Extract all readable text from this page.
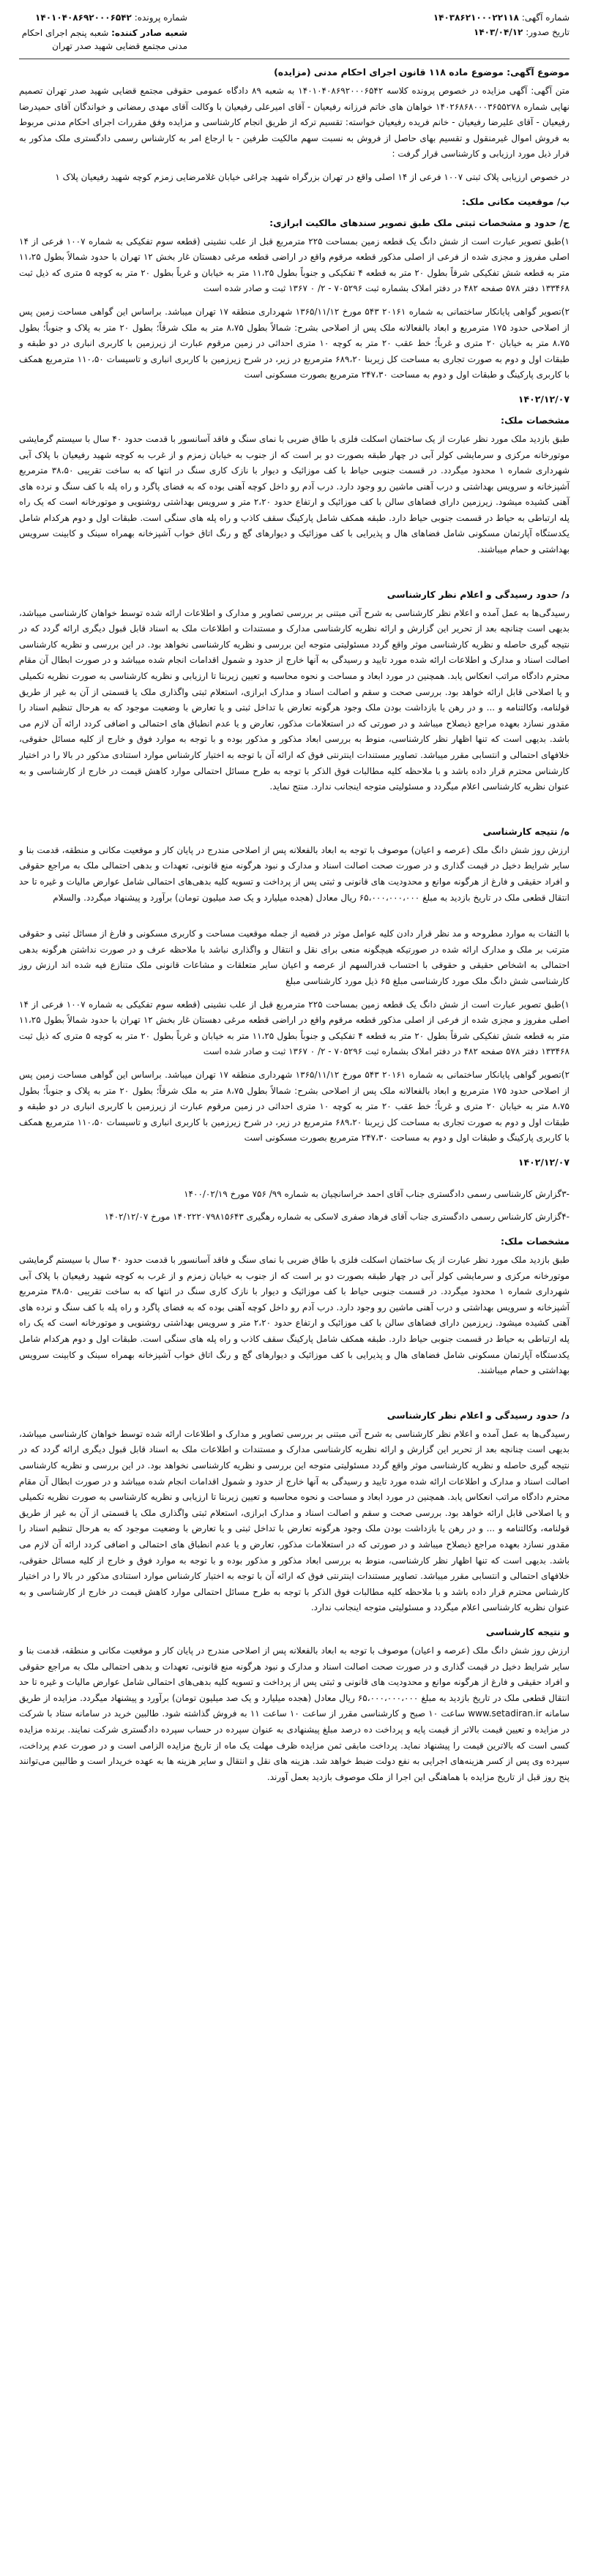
شماره آگهی: ۱۴۰۳۸۶۲۱۰۰۰۲۲۱۱۸
تاریخ صدور: ۱۴۰۳/۰۴/۱۲
شماره پرونده: ۱۴۰۱۰۴۰۸۶۹۲۰۰۰۶۵۴۲
شعبه صادر کننده: شعبه پنجم اجرای احکام مدنی مجتمع قضایی شهید صدر تهران
موضوع آگهی: موضوع ماده ۱۱۸ قانون اجرای احکام مدنی (مزایده)

متن آگهی: آگهی مزایده در خصوص پرونده کلاسه ۱۴۰۱۰۴۰۸۶۹۲۰۰۰۶۵۴۲ به شعبه ۸۹ دادگاه عمومی حقوقی مجتمع قضایی شهید صدر تهران تصمیم نهایی شماره ۱۴۰۲۶۸۶۸۰۰۰۳۶۵۵۲۷۸ خواهان های خاتم فرزانه رفیعیان - آقای امیرعلی رفیعیان با وکالت آقای مهدی رمضانی و خواندگان آقای حمیدرضا رفیعیان - آقای علیرضا رفیعیان - خانم فریده رفیعیان خواسته: تقسیم ترکه از طریق انجام کارشناسی و مزایده وفق مقررات اجرای احکام مدنی مربوط به فروش اموال غیرمنقول و تقسیم بهای حاصل از فروش به نسبت سهم مالکیت طرفین - با ارجاع امر به کارشناس رسمی دادگستری ملک مذکور به قرار ذیل مورد ارزیابی و کارشناسی قرار گرفت :

در خصوص ارزیابی پلاک ثبتی ۱۰۰۷ فرعی از ۱۴ اصلی واقع در تهران بزرگراه شهید چراغی خیابان غلامرضایی زمزم کوچه شهید رفیعیان پلاک ۱

ب/ موقعیت مکانی ملک:
ج/ حدود و مشخصات ثبتی ملک طبق تصویر سندهای مالکیت ابرازی:

۱)طبق تصویر عبارت است از شش دانگ یک قطعه زمین بمساحت ۲۲۵ مترمربع قبل از علب نشینی (قطعه سوم تفکیکی به شماره ۱۰۰۷ فرعی از ۱۴ اصلی مفروز و مجزی شده از فرعی از اصلی مذکور قطعه مرقوم واقع در اراضی قطعه مرغی دهستان غار بخش ۱۲ تهران با حدود شمالاً بطول ۱۱،۲۵ متر به قطعه شش تفکیکی شرقاً بطول ۲۰ متر به قطعه ۴ تفکیکی و جنوباً بطول ۱۱،۲۵ متر به خیابان و غرباً بطول ۲۰ متر به کوچه ۵ متری که ذیل ثبت ۱۳۳۴۶۸ دفتر ۵۷۸ صفحه ۴۸۲ در دفتر املاک بشماره ثبت ۷۰۵۲۹۶ - ۲/ ۰ ۱۳۶۷ ثبت و صادر شده است

۲)تصویر گواهی پایانکار ساختمانی به شماره ۲۰۱۶۱ ۵۴۳ مورخ ۱۳۶۵/۱۱/۱۲ شهرداری منطقه ۱۷ تهران میباشد. براساس این گواهی مساحت زمین پس از اصلاحی حدود ۱۷۵ مترمربع و ابعاد بالفعالانه ملک پس از اصلاحی بشرح: شمالاً بطول ۸،۷۵ متر به ملک شرقاً؛ بطول ۲۰ متر به پلاک و جنوباً؛ بطول ۸،۷۵ متر به خیابان ۲۰ متری و غرباً؛ خط عقب ۲۰ متر به کوچه ۱۰ متری احداثی در زمین مرقوم عبارت از زیرزمین با کاربری انباری در دو طبقه و طبقات اول و دوم به صورت تجاری به مساحت کل زیربنا ۶۸۹،۲۰ مترمربع در زیر، در شرح زیرزمین با کاربری انباری و تاسیسات ۱۱۰،۵۰ مترمربع همکف با کاربری پارکینگ و طبقات اول و دوم به مساحت ۲۴۷،۳۰ مترمربع بصورت مسکونی است

۱۴۰۲/۱۲/۰۷
مشخصات ملک:

طبق بازدید ملک مورد نظر عبارت از یک ساختمان اسکلت فلزی با طاق ضربی با نمای سنگ و فاقد آسانسور با قدمت حدود ۴۰ سال با سیستم گرمایشی موتورخانه مرکزی و سرمایشی کولر آبی در چهار طبقه بصورت دو بر است که از جنوب به خیابان زمزم و از غرب به کوچه شهید رفیعیان با پلاک آبی شهرداری شماره ۱ محدود میگردد. در قسمت جنوبی حیاط با کف موزائیک و دیوار با نازک کاری سنگ در انتها که به ساخت تقریبی ۳۸،۵۰ مترمربع آشپزخانه و سرویس بهداشتی و درب آهنی ماشین رو وجود دارد. درب آدم رو داخل کوچه آهنی بوده که به فضای پاگرد و راه پله با کف سنگ و نرده های آهنی کشیده میشود. زیرزمین دارای فضاهای سالن با کف موزائیک و ارتفاع حدود ۲،۲۰ متر و سرویس بهداشتی روشنویی و موتورخانه است که یک راه پله ارتباطی به حیاط در قسمت جنوبی حیاط دارد. طبقه همکف شامل پارکینگ سقف کاذب و راه پله های سنگی است. طبقات اول و دوم هرکدام شامل یکدستگاه آپارتمان مسکونی شامل فضاهای هال و پذیرایی با کف موزائیک و دیوارهای گچ و رنگ اتاق خواب آشپزخانه بهمراه سینک و کابینت سرویس بهداشتی و حمام میباشند.

د/ حدود رسیدگی و اعلام نظر کارشناسی

رسیدگی‌ها به عمل آمده و اعلام نظر کارشناسی به شرح آتی مبتنی بر بررسی تصاویر و مدارک و اطلاعات ارائه شده توسط خواهان کارشناسی میباشد، بدیهی است چنانچه بعد از تحریر این گزارش و ارائه نظریه کارشناسی مدارک و مستندات و اطلاعات ملک به اسناد قابل قبول دیگری ارائه گردد که در نتیجه گیری حاصله و نظریه کارشناسی موثر واقع گردد مسئولیتی متوجه این بررسی و نظریه کارشناسی نخواهد بود. در این بررسی و نظریه کارشناسی اصالت اسناد و مدارک و اطلاعات ارائه شده مورد تایید و رسیدگی به آنها خارج از حدود و شمول اقدامات انجام شده میباشد و در صورت ابطال آن مقام محترم دادگاه مراتب انعکاس یابد. همچنین در مورد ابعاد و مساحت و نحوه محاسبه و تعیین زیربنا تا ارزیابی و نظریه کارشناسی به صورت نظریه تکمیلی و یا اصلاحی قابل ارائه خواهد بود. بررسی صحت و سقم و اصالت اسناد و مدارک ابرازی، استعلام ثبتی واگذاری ملک یا قسمتی از آن به غیر از طریق قولنامه، وکالتنامه و ... و در رهن یا بازداشت بودن ملک وجود هرگونه تعارض با تداخل ثبتی و یا تعارض با وضعیت موجود که به هرحال تنظیم اسناد را مقدور نسازد بعهده مراجع ذیصلاح میباشد و در صورتی که در استعلامات مذکور، تعارض و یا عدم انطباق های احتمالی و اضافی کردد ارائه آن لازم می باشد. بدیهی است که تنها اظهار نظر کارشناسی، منوط به بررسی ابعاد مذکور و مذکور بوده و با توجه به موارد فوق و خارج از کلیه مسائل حقوقی، خلافهای احتمالی و انتسابی مقرر میباشد. تصاویر مستندات اینترنتی فوق که ارائه آن با توجه به اختیار کارشناس موارد استنادی مذکور در بالا را در اختیار کارشناس محترم قرار داده باشد و با ملاحظه کلیه مطالبات فوق الذکر با توجه به طرح مسائل احتمالی موارد کاهش قیمت در خارج از کارشناسی و به عنوان نظریه کارشناسی اعلام میگردد و مسئولیتی متوجه اینجانب ندارد. منتج نماید.

ه/ نتیجه کارشناسی

ارزش روز شش دانگ ملک (عرصه و اعیان) موصوف با توجه به ابعاد بالفعلانه پس از اصلاحی مندرج در پایان کار و موقعیت مکانی و منطقه، قدمت بنا و سایر شرایط دخیل در قیمت گذاری و در صورت صحت اصالت اسناد و مدارک و نبود هرگونه منع قانونی، تعهدات و بدهی احتمالی ملک به مراجع حقوقی و افراد حقیقی و فارغ از هرگونه موانع و محدودیت های قانونی و ثبتی پس از پرداخت و تسویه کلیه بدهی‌های احتمالی شامل عوارض مالیات و غیره تا حد انتقال قطعی ملک در تاریخ بازدید به مبلغ ۶۵،۰۰۰،۰۰۰،۰۰۰ ریال معادل (هجده میلیارد و یک صد میلیون تومان) برآورد و پیشنهاد میگردد. والسلام

با التفات به موارد مطروحه و مد نظر قرار دادن کلیه عوامل موثر در قضیه از جمله موقعیت مساحت و کاربری مسکونی و فارغ از مسائل ثبتی و حقوقی مترتب بر ملک و مدارک ارائه شده در صورتیکه هیچگونه منعی برای نقل و انتقال و واگذاری نباشد با ملاحظه عرف و در صورت نداشتن هرگونه بدهی احتمالی به اشخاص حقیقی و حقوقی با احتساب قدرالسهم از عرصه و اعیان سایر متعلقات و مشاعات قانونی ملک متنازع فیه شده اند ارزش روز کارشناسی شش دانگ ملک مورد کارشناسی مبلغ ۶۵ ذیل مورد کارشناسی مبلغ

۱)طبق تصویر عبارت است از شش دانگ یک قطعه زمین بمساحت ۲۲۵ مترمربع قبل از علب نشینی (قطعه سوم تفکیکی به شماره ۱۰۰۷ فرعی از ۱۴ اصلی مفروز و مجزی شده از فرعی از اصلی مذکور قطعه مرقوم واقع در اراضی قطعه مرغی دهستان غار بخش ۱۲ تهران با حدود شمالاً بطول ۱۱،۲۵ متر به قطعه شش تفکیکی شرقاً بطول ۲۰ متر به قطعه ۴ تفکیکی و جنوباً بطول ۱۱،۲۵ متر به خیابان و غرباً بطول ۲۰ متر به کوچه ۵ متری که ذیل ثبت ۱۳۳۴۶۸ دفتر ۵۷۸ صفحه ۴۸۲ در دفتر املاک بشماره ثبت ۷۰۵۲۹۶ - ۲/ ۰ ۱۳۶۷ ثبت و صادر شده است

۲)تصویر گواهی پایانکار ساختمانی به شماره ۲۰۱۶۱ ۵۴۳ مورخ ۱۳۶۵/۱۱/۱۲ شهرداری منطقه ۱۷ تهران میباشد. براساس این گواهی مساحت زمین پس از اصلاحی حدود ۱۷۵ مترمربع و ابعاد بالفعالانه ملک پس از اصلاحی بشرح: شمالاً بطول ۸،۷۵ متر به ملک شرقاً؛ بطول ۲۰ متر به پلاک و جنوباً؛ بطول ۸،۷۵ متر به خیابان ۲۰ متری و غرباً؛ خط عقب ۲۰ متر به کوچه ۱۰ متری احداثی در زمین مرقوم عبارت از زیرزمین با کاربری انباری در دو طبقه و طبقات اول و دوم به صورت تجاری به مساحت کل زیربنا ۶۸۹،۲۰ مترمربع در زیر، در شرح زیرزمین با کاربری انباری و تاسیسات ۱۱۰،۵۰ مترمربع همکف با کاربری پارکینگ و طبقات اول و دوم به مساحت ۲۴۷،۳۰ مترمربع بصورت مسکونی است

۱۴۰۲/۱۲/۰۷

-۳گزارش کارشناسی رسمی دادگستری جناب آقای احمد خراسانچیان به شماره ۹۹/ ۷۵۶ مورخ ۱۴۰۰/۰۲/۱۹

-۴گزارش کارشناس رسمی دادگستری جناب آقای فرهاد صفری لاسکی به شماره رهگیری ۱۴۰۲۲۲۰۷۹۸۱۵۶۴۳ مورخ ۱۴۰۲/۱۲/۰۷

مشخصات ملک:

طبق بازدید ملک مورد نظر عبارت از یک ساختمان اسکلت فلزی با طاق ضربی با نمای سنگ و فاقد آسانسور با قدمت حدود ۴۰ سال با سیستم گرمایشی موتورخانه مرکزی و سرمایشی کولر آبی در چهار طبقه بصورت دو بر است که از جنوب به خیابان زمزم و از غرب به کوچه شهید رفیعیان با پلاک آبی شهرداری شماره ۱ محدود میگردد. در قسمت جنوبی حیاط با کف موزائیک و دیوار با نازک کاری سنگ در انتها که به ساخت تقریبی ۳۸،۵۰ مترمربع آشپزخانه و سرویس بهداشتی و درب آهنی ماشین رو وجود دارد. درب آدم رو داخل کوچه آهنی بوده که به فضای پاگرد و راه پله با کف سنگ و نرده های آهنی کشیده میشود. زیرزمین دارای فضاهای سالن با کف موزائیک و ارتفاع حدود ۲،۲۰ متر و سرویس بهداشتی روشنویی و موتورخانه است که یک راه پله ارتباطی به حیاط در قسمت جنوبی حیاط دارد. طبقه همکف شامل پارکینگ سقف کاذب و راه پله های سنگی است. طبقات اول و دوم هرکدام شامل یکدستگاه آپارتمان مسکونی شامل فضاهای هال و پذیرایی با کف موزائیک و دیوارهای گچ و رنگ اتاق خواب آشپزخانه بهمراه سینک و کابینت سرویس بهداشتی و حمام میباشند.

د/ حدود رسیدگی و اعلام نظر کارشناسی

رسیدگی‌ها به عمل آمده و اعلام نظر کارشناسی به شرح آتی مبتنی بر بررسی تصاویر و مدارک و اطلاعات ارائه شده توسط خواهان کارشناسی میباشد، بدیهی است چنانچه بعد از تحریر این گزارش و ارائه نظریه کارشناسی مدارک و مستندات و اطلاعات ملک به اسناد قابل قبول دیگری ارائه گردد که در نتیجه گیری حاصله و نظریه کارشناسی موثر واقع گردد مسئولیتی متوجه این بررسی و نظریه کارشناسی نخواهد بود. در این بررسی و نظریه کارشناسی اصالت اسناد و مدارک و اطلاعات ارائه شده مورد تایید و رسیدگی به آنها خارج از حدود و شمول اقدامات انجام شده میباشد و در صورت ابطال آن مقام محترم دادگاه مراتب انعکاس یابد. همچنین در مورد ابعاد و مساحت و نحوه محاسبه و تعیین زیربنا تا ارزیابی و نظریه کارشناسی به صورت نظریه تکمیلی و یا اصلاحی قابل ارائه خواهد بود. بررسی صحت و سقم و اصالت اسناد و مدارک ابرازی، استعلام ثبتی واگذاری ملک یا قسمتی از آن به غیر از طریق قولنامه، وکالتنامه و ... و در رهن یا بازداشت بودن ملک وجود هرگونه تعارض با تداخل ثبتی و یا تعارض با وضعیت موجود که به هرحال تنظیم اسناد را مقدور نسازد بعهده مراجع ذیصلاح میباشد و در صورتی که در استعلامات مذکور، تعارض و یا عدم انطباق های احتمالی و اضافی کردد ارائه آن لازم می باشد. بدیهی است که تنها اظهار نظر کارشناسی، منوط به بررسی ابعاد مذکور و مذکور بوده و با توجه به موارد فوق و خارج از کلیه مسائل حقوقی، خلافهای احتمالی و انتسابی مقرر میباشد. تصاویر مستندات اینترنتی فوق که ارائه آن با توجه به اختیار کارشناس موارد استنادی مذکور در بالا را در اختیار کارشناس محترم قرار داده باشد و با ملاحظه کلیه مطالبات فوق الذکر با توجه به طرح مسائل احتمالی موارد کاهش قیمت در خارج از کارشناسی و به عنوان نظریه کارشناسی اعلام میگردد و مسئولیتی متوجه اینجانب ندارد.

و نتیجه کارشناسی

ارزش روز شش دانگ ملک (عرصه و اعیان) موصوف با توجه به ابعاد بالفعلانه پس از اصلاحی مندرج در پایان کار و موقعیت مکانی و منطقه، قدمت بنا و سایر شرایط دخیل در قیمت گذاری و در صورت صحت اصالت اسناد و مدارک و نبود هرگونه منع قانونی، تعهدات و بدهی احتمالی ملک به مراجع حقوقی و افراد حقیقی و فارغ از هرگونه موانع و محدودیت های قانونی و ثبتی پس از پرداخت و تسویه کلیه بدهی‌های احتمالی شامل عوارض مالیات و غیره تا حد انتقال قطعی ملک در تاریخ بازدید به مبلغ ۶۵،۰۰۰،۰۰۰،۰۰۰ ریال معادل (هجده میلیارد و یک صد میلیون تومان) برآورد و پیشنهاد میگردد. مزایده از طریق سامانه www.setadiran.ir ساعت ۱۰ صبح و کارشناسی مقرر از ساعت ۱۰ ساعت ۱۱ به فروش گذاشته شود. طالبین خرید در سامانه ستاد با شرکت در مزایده و تعیین قیمت بالاتر از قیمت پایه و پرداخت ده درصد مبلغ پیشنهادی به عنوان سپرده در حساب سپرده دادگستری شرکت نمایند. برنده مزایده کسی است که بالاترین قیمت را پیشنهاد نماید. پرداخت مابقی ثمن مزایده ظرف مهلت یک ماه از تاریخ مزایده الزامی است و در صورت عدم پرداخت، سپرده وی پس از کسر هزینه‌های اجرایی به نفع دولت ضبط خواهد شد. هزینه های نقل و انتقال و سایر هزینه ها به عهده خریدار است و طالبین می‌توانند پنج روز قبل از تاریخ مزایده با هماهنگی این اجرا از ملک موصوف بازدید بعمل آورند.
